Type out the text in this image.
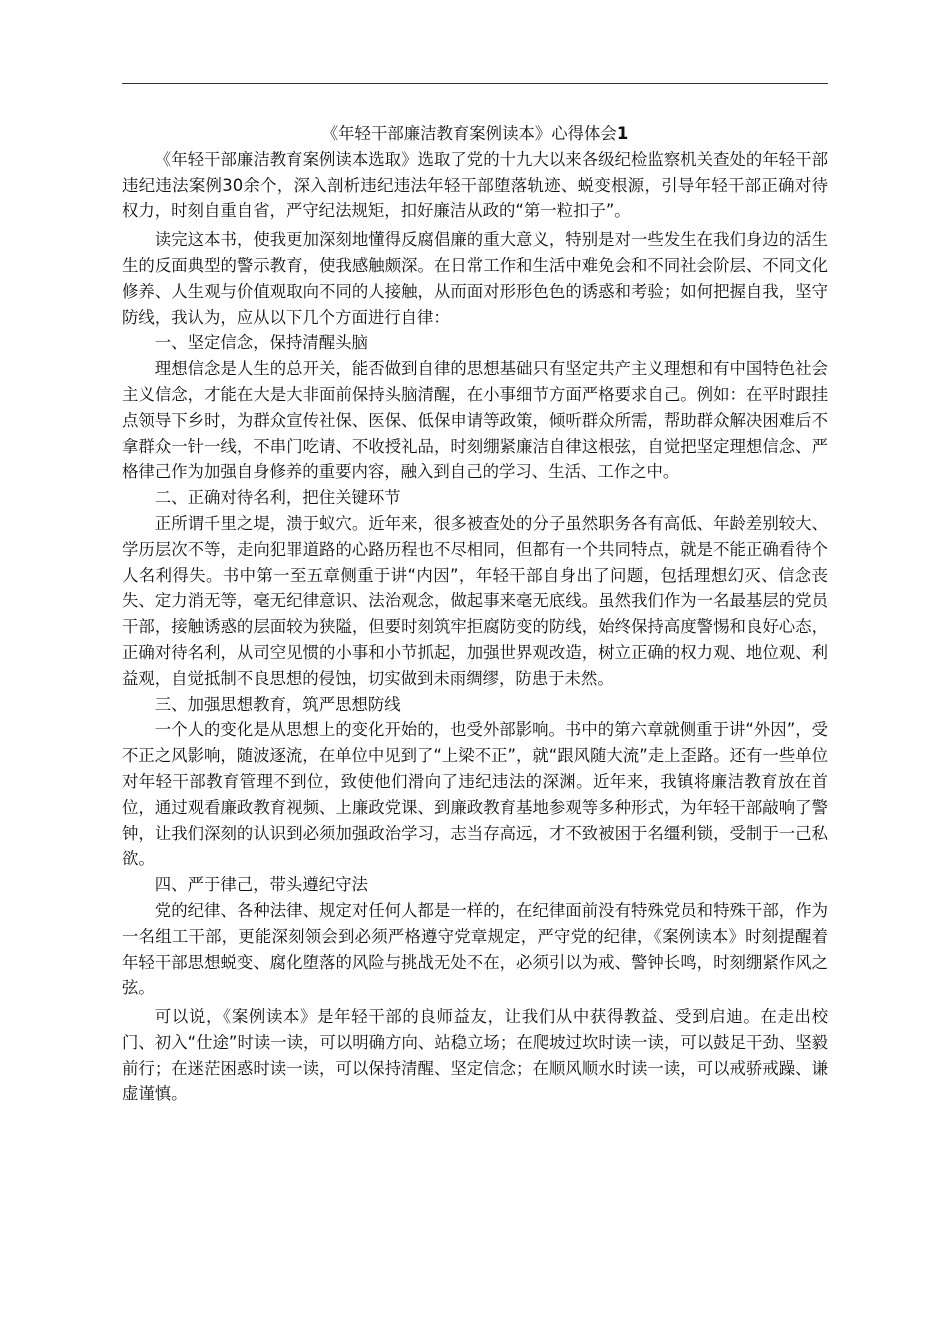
《年轻干部廉洁教育案例读本》心得体会1

《年轻干部廉洁教育案例读本选取》选取了党的十九大以来各级纪检监察机关查处的年轻干部违纪违法案例30余个，深入剖析违纪违法年轻干部堕落轨迹、蜕变根源，引导年轻干部正确对待权力，时刻自重自省，严守纪法规矩，扣好廉洁从政的“第一粒扣子”。

读完这本书，使我更加深刻地懂得反腐倡廉的重大意义，特别是对一些发生在我们身边的活生生的反面典型的警示教育，使我感触颇深。在日常工作和生活中难免会和不同社会阶层、不同文化修养、人生观与价值观取向不同的人接触，从而面对形形色色的诱惑和考验；如何把握自我，坚守防线，我认为，应从以下几个方面进行自律：

一、坚定信念，保持清醒头脑

理想信念是人生的总开关，能否做到自律的思想基础只有坚定共产主义理想和有中国特色社会主义信念，才能在大是大非面前保持头脑清醒，在小事细节方面严格要求自己。例如：在平时跟挂点领导下乡时，为群众宣传社保、医保、低保申请等政策，倾听群众所需，帮助群众解决困难后不拿群众一针一线，不串门吃请、不收授礼品，时刻绷紧廉洁自律这根弦，自觉把坚定理想信念、严格律己作为加强自身修养的重要内容，融入到自己的学习、生活、工作之中。

二、正确对待名利，把住关键环节

正所谓千里之堤，溃于蚁穴。近年来，很多被查处的分子虽然职务各有高低、年龄差别较大、学历层次不等，走向犯罪道路的心路历程也不尽相同，但都有一个共同特点，就是不能正确看待个人名利得失。书中第一至五章侧重于讲“内因”，年轻干部自身出了问题，包括理想幻灭、信念丧失、定力消无等，毫无纪律意识、法治观念，做起事来毫无底线。虽然我们作为一名最基层的党员干部，接触诱惑的层面较为狭隘，但要时刻筑牢拒腐防变的防线，始终保持高度警惕和良好心态，正确对待名利，从司空见惯的小事和小节抓起，加强世界观改造，树立正确的权力观、地位观、利益观，自觉抵制不良思想的侵蚀，切实做到未雨绸缪，防患于未然。

三、加强思想教育，筑严思想防线

一个人的变化是从思想上的变化开始的，也受外部影响。书中的第六章就侧重于讲“外因”，受不正之风影响，随波逐流，在单位中见到了“上梁不正”，就“跟风随大流”走上歪路。还有一些单位对年轻干部教育管理不到位，致使他们滑向了违纪违法的深渊。近年来，我镇将廉洁教育放在首位，通过观看廉政教育视频、上廉政党课、到廉政教育基地参观等多种形式，为年轻干部敲响了警钟，让我们深刻的认识到必须加强政治学习，志当存高远，才不致被困于名缰利锁，受制于一己私欲。

四、严于律己，带头遵纪守法

党的纪律、各种法律、规定对任何人都是一样的，在纪律面前没有特殊党员和特殊干部，作为一名组工干部，更能深刻领会到必须严格遵守党章规定，严守党的纪律，《案例读本》时刻提醒着年轻干部思想蜕变、腐化堕落的风险与挑战无处不在，必须引以为戒、警钟长鸣，时刻绷紧作风之弦。

可以说，《案例读本》是年轻干部的良师益友，让我们从中获得教益、受到启迪。在走出校门、初入“仕途”时读一读，可以明确方向、站稳立场；在爬坡过坎时读一读，可以鼓足干劲、坚毅前行；在迷茫困惑时读一读，可以保持清醒、坚定信念；在顺风顺水时读一读，可以戒骄戒躁、谦虚谨慎。
